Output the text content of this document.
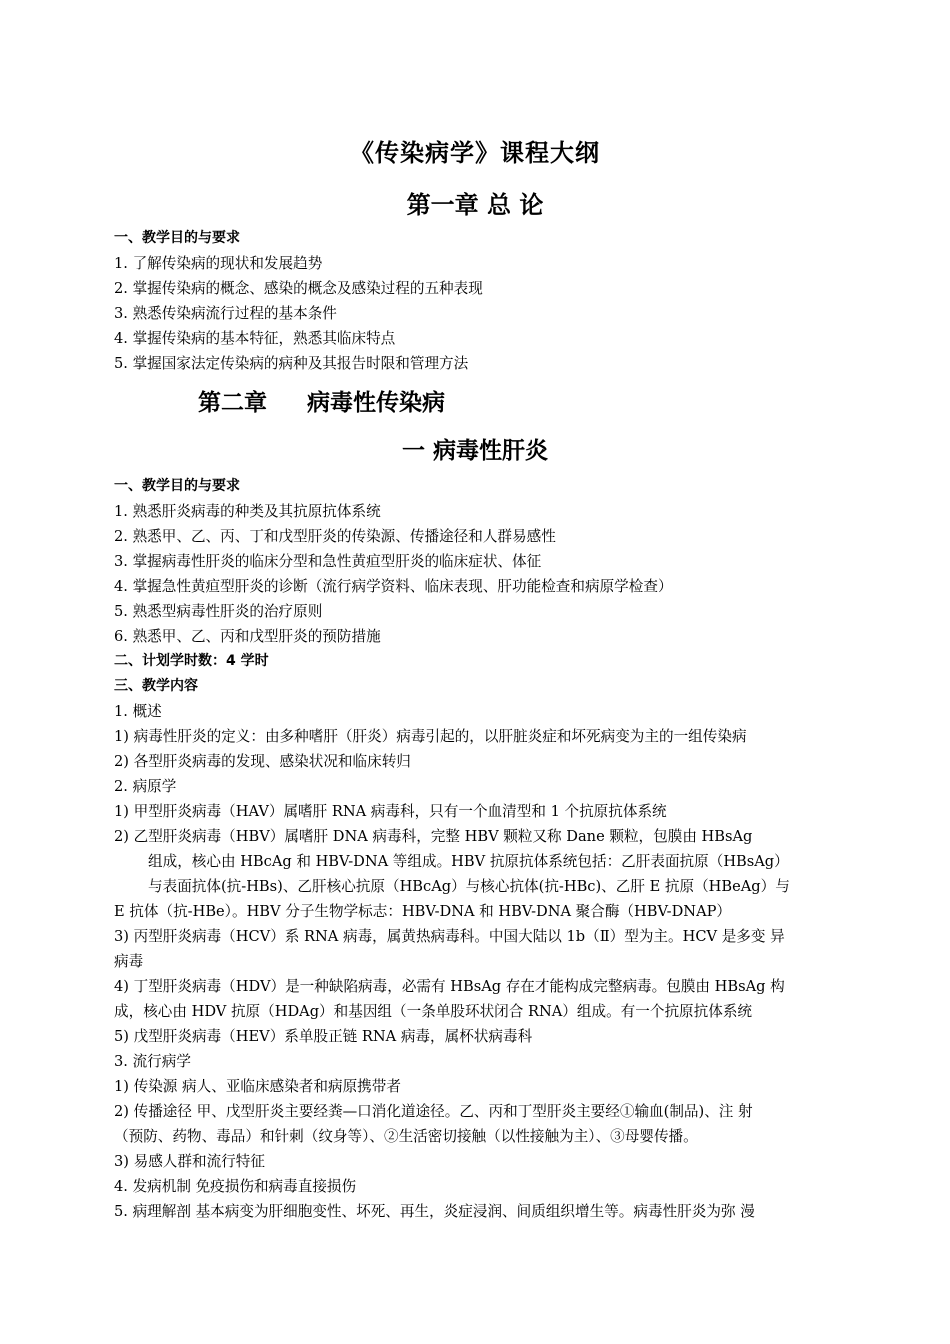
《传染病学》课程大纲
第一章 总 论
一、教学目的与要求
1. 了解传染病的现状和发展趋势
2. 掌握传染病的概念、感染的概念及感染过程的五种表现
3. 熟悉传染病流行过程的基本条件
4. 掌握传染病的基本特征，熟悉其临床特点
5. 掌握国家法定传染病的病种及其报告时限和管理方法
第二章     病毒性传染病
一 病毒性肝炎
一、教学目的与要求
1. 熟悉肝炎病毒的种类及其抗原抗体系统
2. 熟悉甲、乙、丙、丁和戊型肝炎的传染源、传播途径和人群易感性
3. 掌握病毒性肝炎的临床分型和急性黄疸型肝炎的临床症状、体征
4. 掌握急性黄疸型肝炎的诊断（流行病学资料、临床表现、肝功能检查和病原学检查）
5. 熟悉型病毒性肝炎的治疗原则
6. 熟悉甲、乙、丙和戊型肝炎的预防措施
二、计划学时数：4 学时
三、教学内容
1. 概述
1) 病毒性肝炎的定义：由多种嗜肝（肝炎）病毒引起的，以肝脏炎症和坏死病变为主的一组传染病
2) 各型肝炎病毒的发现、感染状况和临床转归
2. 病原学
1) 甲型肝炎病毒（HAV）属嗜肝 RNA 病毒科，只有一个血清型和 1 个抗原抗体系统
2) 乙型肝炎病毒（HBV）属嗜肝 DNA 病毒科，完整 HBV 颗粒又称 Dane 颗粒，包膜由 HBsAg
组成，核心由 HBcAg 和 HBV-DNA 等组成。HBV 抗原抗体系统包括：乙肝表面抗原（HBsAg）
与表面抗体(抗-HBs)、乙肝核心抗原（HBcAg）与核心抗体(抗-HBc)、乙肝 E 抗原（HBeAg）与
E 抗体（抗-HBe）。HBV 分子生物学标志：HBV-DNA 和 HBV-DNA 聚合酶（HBV-DNAP）
3) 丙型肝炎病毒（HCV）系 RNA 病毒，属黄热病毒科。中国大陆以 1b（Ⅱ）型为主。HCV 是多变 异
病毒
4) 丁型肝炎病毒（HDV）是一种缺陷病毒，必需有 HBsAg 存在才能构成完整病毒。包膜由 HBsAg 构
成，核心由 HDV 抗原（HDAg）和基因组（一条单股环状闭合 RNA）组成。有一个抗原抗体系统
5) 戊型肝炎病毒（HEV）系单股正链 RNA 病毒，属杯状病毒科
3. 流行病学
1) 传染源 病人、亚临床感染者和病原携带者
2) 传播途径 甲、戊型肝炎主要经粪—口消化道途径。乙、丙和丁型肝炎主要经①输血(制品)、注 射
（预防、药物、毒品）和针刺（纹身等）、②生活密切接触（以性接触为主）、③母婴传播。
3) 易感人群和流行特征
4. 发病机制 免疫损伤和病毒直接损伤
5. 病理解剖 基本病变为肝细胞变性、坏死、再生，炎症浸润、间质组织增生等。病毒性肝炎为弥 漫
